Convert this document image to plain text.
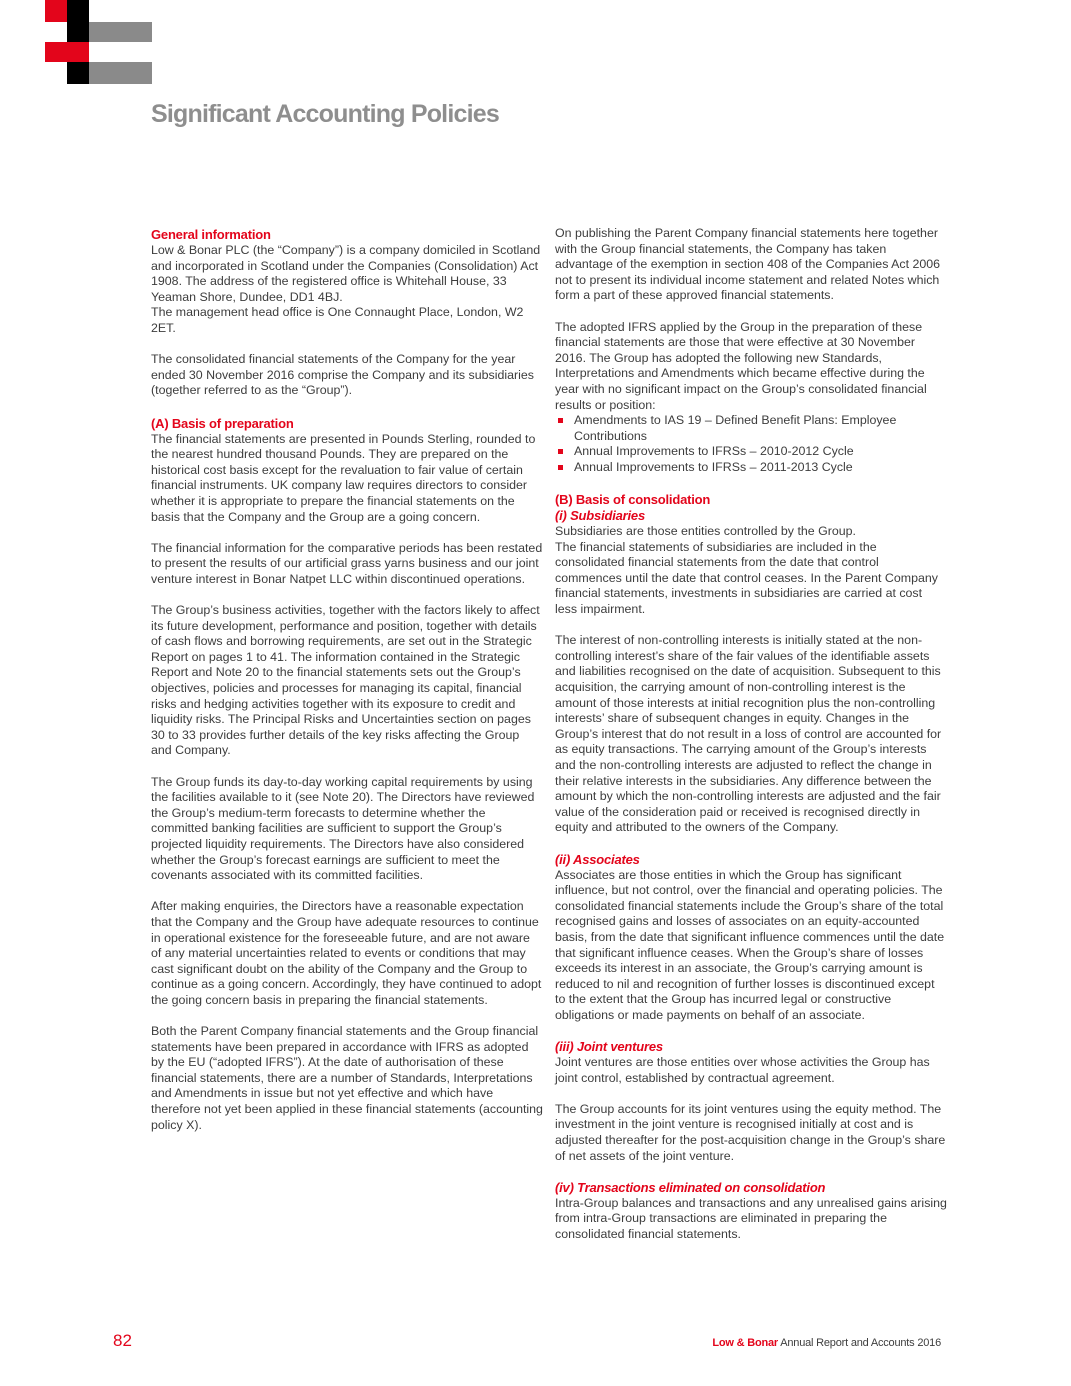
Significant Accounting Policies
General information

Low & Bonar PLC (the “Company”) is a company domiciled in Scotland and incorporated in Scotland under the Companies (Consolidation) Act 1908. The address of the registered office is Whitehall House, 33 Yeaman Shore, Dundee, DD1 4BJ.

The management head office is One Connaught Place, London, W2 2ET.

The consolidated financial statements of the Company for the year ended 30 November 2016 comprise the Company and its subsidiaries (together referred to as the “Group”).

(A) Basis of preparation

The financial statements are presented in Pounds Sterling, rounded to the nearest hundred thousand Pounds. They are prepared on the historical cost basis except for the revaluation to fair value of certain financial instruments. UK company law requires directors to consider whether it is appropriate to prepare the financial statements on the basis that the Company and the Group are a going concern.

The financial information for the comparative periods has been restated to present the results of our artificial grass yarns business and our joint venture interest in Bonar Natpet LLC within discontinued operations.

The Group’s business activities, together with the factors likely to affect its future development, performance and position, together with details of cash flows and borrowing requirements, are set out in the Strategic Report on pages 1 to 41. The information contained in the Strategic Report and Note 20 to the financial statements sets out the Group’s objectives, policies and processes for managing its capital, financial risks and hedging activities together with its exposure to credit and liquidity risks. The Principal Risks and Uncertainties section on pages 30 to 33 provides further details of the key risks affecting the Group and Company.

The Group funds its day-to-day working capital requirements by using the facilities available to it (see Note 20). The Directors have reviewed the Group’s medium-term forecasts to determine whether the committed banking facilities are sufficient to support the Group’s projected liquidity requirements. The Directors have also considered whether the Group’s forecast earnings are sufficient to meet the covenants associated with its committed facilities.

After making enquiries, the Directors have a reasonable expectation that the Company and the Group have adequate resources to continue in operational existence for the foreseeable future, and are not aware of any material uncertainties related to events or conditions that may cast significant doubt on the ability of the Company and the Group to continue as a going concern. Accordingly, they have continued to adopt the going concern basis in preparing the financial statements.

Both the Parent Company financial statements and the Group financial statements have been prepared in accordance with IFRS as adopted by the EU (“adopted IFRS”). At the date of authorisation of these financial statements, there are a number of Standards, Interpretations and Amendments in issue but not yet effective and which have therefore not yet been applied in these financial statements (accounting policy X).

On publishing the Parent Company financial statements here together with the Group financial statements, the Company has taken advantage of the exemption in section 408 of the Companies Act 2006 not to present its individual income statement and related Notes which form a part of these approved financial statements.

The adopted IFRS applied by the Group in the preparation of these financial statements are those that were effective at 30 November 2016. The Group has adopted the following new Standards, Interpretations and Amendments which became effective during the year with no significant impact on the Group’s consolidated financial results or position:

Amendments to IAS 19 – Defined Benefit Plans: Employee Contributions
Annual Improvements to IFRSs – 2010-2012 Cycle
Annual Improvements to IFRSs – 2011-2013 Cycle
(B) Basis of consolidation
(i) Subsidiaries

Subsidiaries are those entities controlled by the Group.

The financial statements of subsidiaries are included in the consolidated financial statements from the date that control commences until the date that control ceases. In the Parent Company financial statements, investments in subsidiaries are carried at cost less impairment.

The interest of non-controlling interests is initially stated at the non-controlling interest’s share of the fair values of the identifiable assets and liabilities recognised on the date of acquisition. Subsequent to this acquisition, the carrying amount of non-controlling interest is the amount of those interests at initial recognition plus the non-controlling interests’ share of subsequent changes in equity. Changes in the Group’s interest that do not result in a loss of control are accounted for as equity transactions. The carrying amount of the Group’s interests and the non-controlling interests are adjusted to reflect the change in their relative interests in the subsidiaries. Any difference between the amount by which the non-controlling interests are adjusted and the fair value of the consideration paid or received is recognised directly in equity and attributed to the owners of the Company.

(ii) Associates

Associates are those entities in which the Group has significant influence, but not control, over the financial and operating policies. The consolidated financial statements include the Group’s share of the total recognised gains and losses of associates on an equity-accounted basis, from the date that significant influence commences until the date that significant influence ceases. When the Group’s share of losses exceeds its interest in an associate, the Group’s carrying amount is reduced to nil and recognition of further losses is discontinued except to the extent that the Group has incurred legal or constructive obligations or made payments on behalf of an associate.

(iii) Joint ventures

Joint ventures are those entities over whose activities the Group has joint control, established by contractual agreement.

The Group accounts for its joint ventures using the equity method. The investment in the joint venture is recognised initially at cost and is adjusted thereafter for the post-acquisition change in the Group’s share of net assets of the joint venture.

(iv) Transactions eliminated on consolidation

Intra-Group balances and transactions and any unrealised gains arising from intra-Group transactions are eliminated in preparing the consolidated financial statements.

82	Low & Bonar Annual Report and Accounts 2016
